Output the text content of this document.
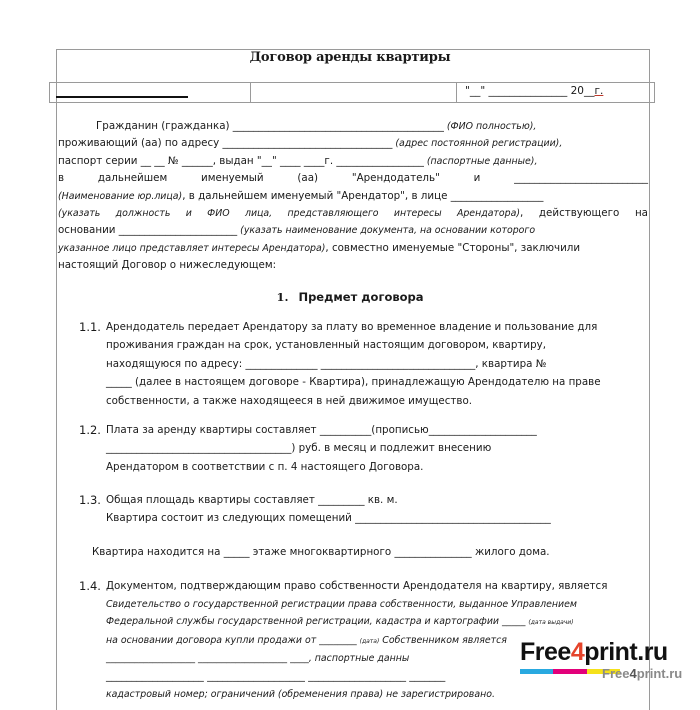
Договор аренды квартиры
"__" _______________ 20__г.

Гражданин (гражданка) _________________________________________ (ФИО полностью),

проживающий (аа) по адресу _________________________________ (адрес постоянной регистрации),

паспорт серии __ __ № ______, выдан "__" ____ ____г. _________________ (паспортные данные),

в дальнейшем именуемый (аа) "Арендодатель" и __________________________

(Наименование юр.лица), в дальнейшем именуемый "Арендатор", в лице __________________

(указать должность и ФИО лица, представляющего интересы Арендатора), действующего на

основании _______________________ (указать наименование документа, на основании которого

указанное лицо представляет интересы Арендатора), совместно именуемые "Стороны", заключили

настоящий Договор о нижеследующем:

1. Предмет договора
1.1. Арендодатель передает Арендатору за плату во временное владение и пользование для
проживания граждан на срок, установленный настоящим договором, квартиру,
находящуюся по адресу: ______________ ______________________________, квартира №
_____ (далее в настоящем договоре - Квартира), принадлежащую Арендодателю на праве
собственности, а также находящееся в ней движимое имущество.
1.2. Плата за аренду квартиры составляет __________(прописью_____________________
____________________________________) руб. в месяц и подлежит внесению
Арендатором в соответствии с п. 4 настоящего Договора.
1.3. Общая площадь квартиры составляет _________ кв. м.
Квартира состоит из следующих помещений ______________________________________
Квартира находится на _____ этаже многоквартирного _______________ жилого дома.
1.4. Документом, подтверждающим право собственности Арендодателя на квартиру, является
Свидетельство о государственной регистрации права собственности, выданное Управлением
Федеральной службы государственной регистрации, кадастра и картографии _____ (дата выдачи)
на основании договора купли продажи от ________ (дата) Собственником является
___________________ ___________________ ____, паспортные данны
___________________ ___________________ ___________________ _______
кадастровый номер; ограничений (обременения права) не зарегистрировано.
Free4print.ru
Free4print.ru
